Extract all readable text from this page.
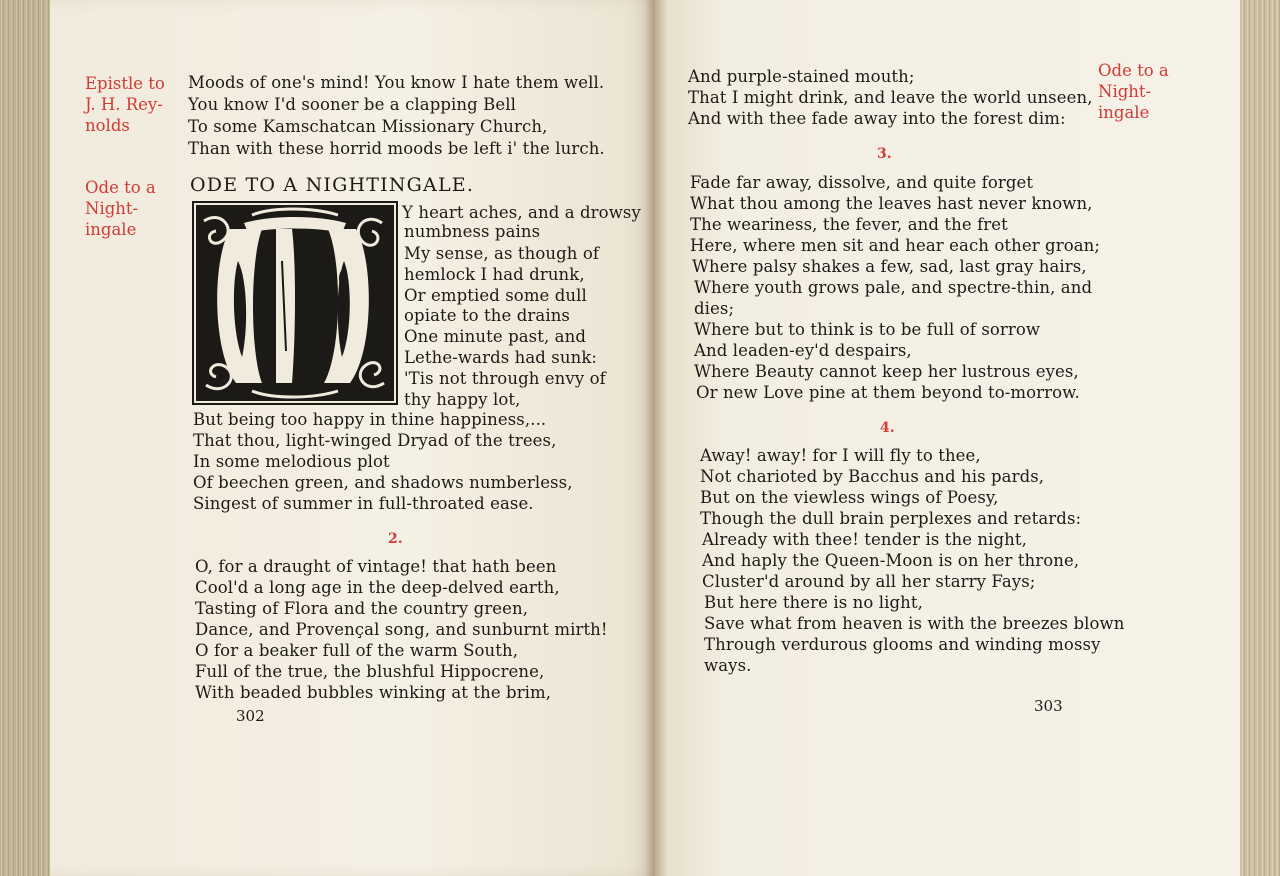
Epistle to
J. H. Rey-
nolds
Ode to a
Night-
ingale
Moods of one's mind! You know I hate them well.
You know I'd sooner be a clapping Bell
To some Kamschatcan Missionary Church,
Than with these horrid moods be left i' the lurch.
ODE TO A NIGHTINGALE.
M
Y heart aches, and a drowsy
numbness pains
My sense, as though of
hemlock I had drunk,
Or emptied some dull
opiate to the drains
One minute past, and
Lethe-wards had sunk:
'Tis not through envy of
thy happy lot,
But being too happy in thine happiness,...
That thou, light-winged Dryad of the trees,
In some melodious plot
Of beechen green, and shadows numberless,
Singest of summer in full-throated ease.
2.
O, for a draught of vintage! that hath been
Cool'd a long age in the deep-delved earth,
Tasting of Flora and the country green,
Dance, and Provençal song, and sunburnt mirth!
O for a beaker full of the warm South,
Full of the true, the blushful Hippocrene,
With beaded bubbles winking at the brim,
302
Ode to a
Night-
ingale
And purple-stained mouth;
That I might drink, and leave the world unseen,
And with thee fade away into the forest dim:
3.
Fade far away, dissolve, and quite forget
What thou among the leaves hast never known,
The weariness, the fever, and the fret
Here, where men sit and hear each other groan;
Where palsy shakes a few, sad, last gray hairs,
Where youth grows pale, and spectre-thin, and
dies;
Where but to think is to be full of sorrow
And leaden-ey'd despairs,
Where Beauty cannot keep her lustrous eyes,
Or new Love pine at them beyond to-morrow.
4.
Away! away! for I will fly to thee,
Not charioted by Bacchus and his pards,
But on the viewless wings of Poesy,
Though the dull brain perplexes and retards:
Already with thee! tender is the night,
And haply the Queen-Moon is on her throne,
Cluster'd around by all her starry Fays;
But here there is no light,
Save what from heaven is with the breezes blown
Through verdurous glooms and winding mossy
ways.
303
